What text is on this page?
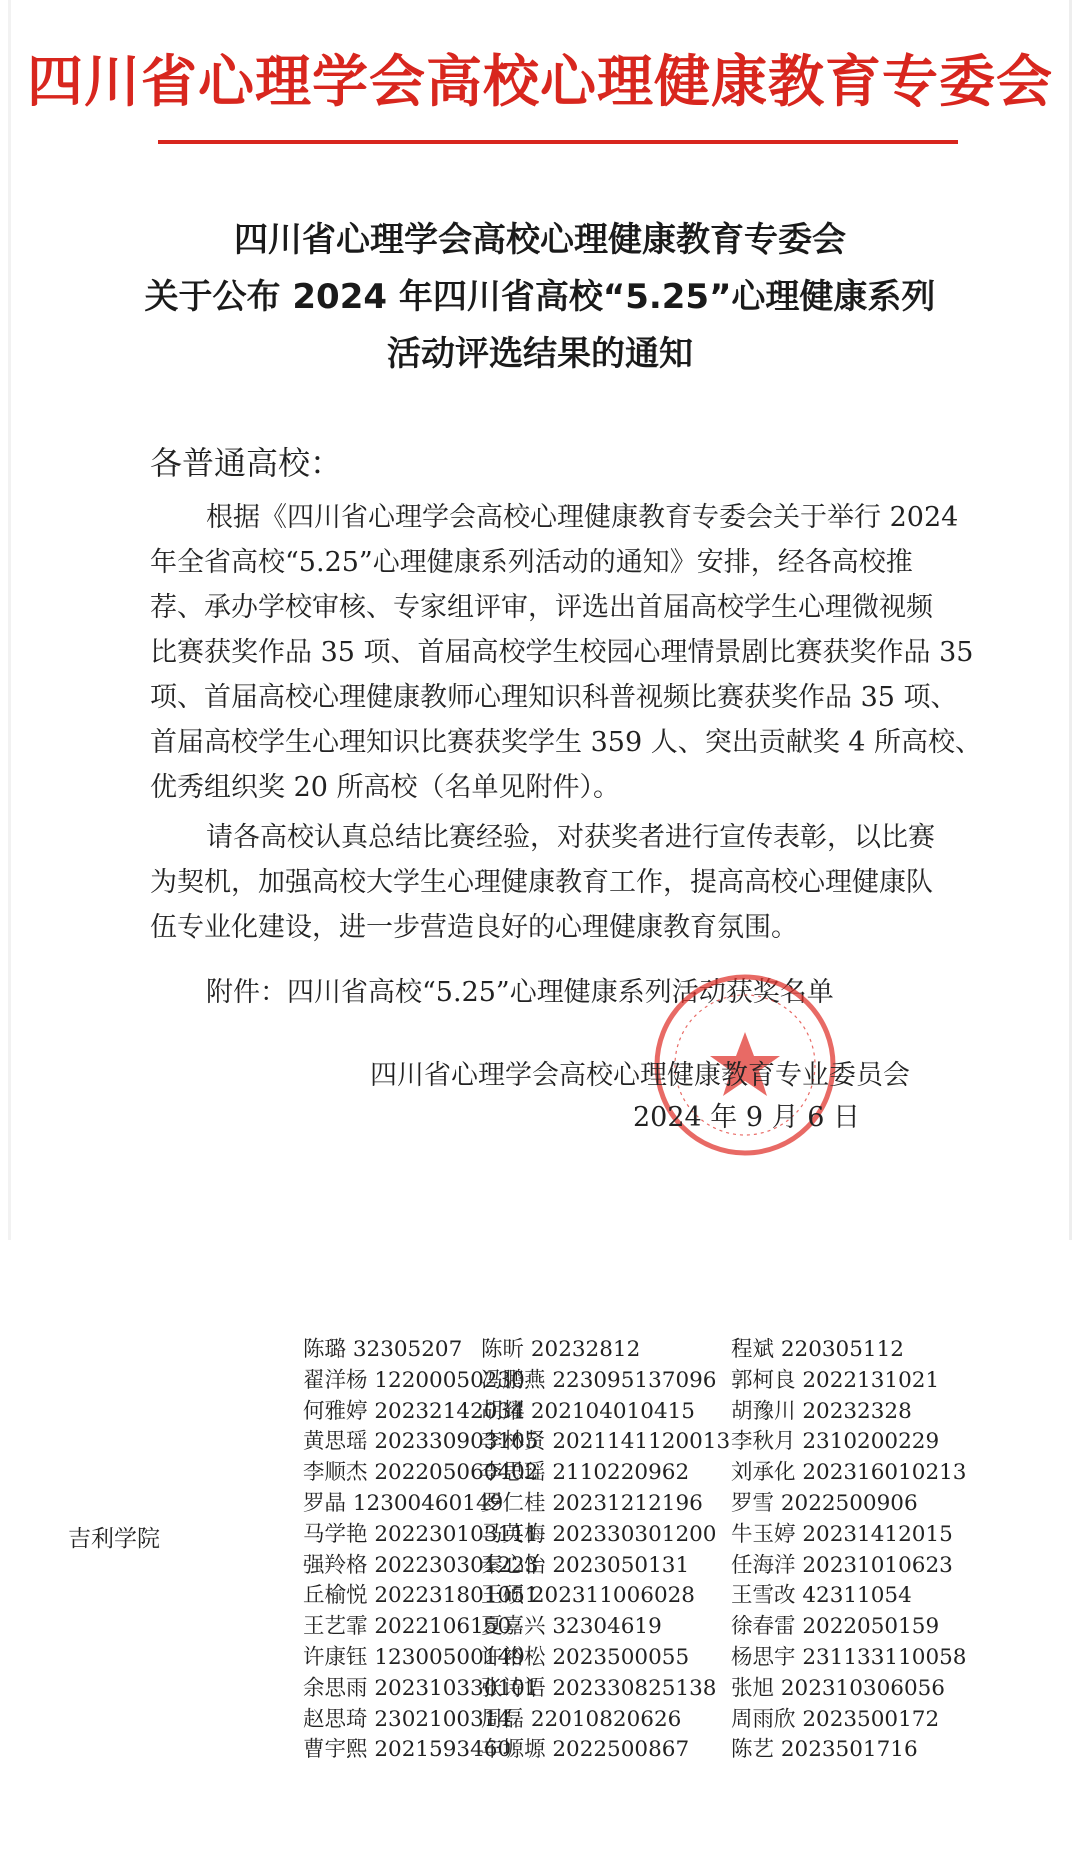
四川省心理学会高校心理健康教育专委会
四川省心理学会高校心理健康教育专委会
关于公布 2024 年四川省高校“5.25”心理健康系列
活动评选结果的通知
各普通高校：
根据《四川省心理学会高校心理健康教育专委会关于举行 2024
年全省高校“5.25”心理健康系列活动的通知》安排，经各高校推
荐、承办学校审核、专家组评审，评选出首届高校学生心理微视频
比赛获奖作品 35 项、首届高校学生校园心理情景剧比赛获奖作品 35
项、首届高校心理健康教师心理知识科普视频比赛获奖作品 35 项、
首届高校学生心理知识比赛获奖学生 359 人、突出贡献奖 4 所高校、
优秀组织奖 20 所高校（名单见附件）。
请各高校认真总结比赛经验，对获奖者进行宣传表彰，以比赛
为契机，加强高校大学生心理健康教育工作，提高高校心理健康队
伍专业化建设，进一步营造良好的心理健康教育氛围。
附件：四川省高校“5.25”心理健康系列活动获奖名单
四川省心理学会高校心理健康教育专业委员会
2024 年 9 月 6 日
吉利学院
陈璐 32305207 陈昕 20232812	程斌 220305112
翟洋杨 12200050230冯鹏燕 223095137096 郭柯良 2022131021
何雅婷 20232142034胡耀 202104010415 胡豫川 20232328
黄思瑶 202330903105李林贤 2021141120013李秋月 2310200229
李顺杰 202205060402李思瑶 2110220962 刘承化 202316010213
罗晶 12300460149罗仁桂 20231212196 罗雪 2022500906
马学艳 202230103111马英梅 202330301200 牛玉婷 20231412015
强羚格 202230301223秦心怡 2023050131 任海洋 20231010623
丘榆悦 202231801051王硕 202311006028 王雪改 42311054
王艺霏 2022106150夏嘉兴 32304619	徐春雷 2022050159
许康钰 12300500149许裕松 2023500055 杨思宇 231133110058
余思雨 202310330101张诗语 202330825138 张旭 202310306056
赵思琦 2302100314周磊 22010820626 周雨欣 2023500172
曹宇熙 2021593460车塬塬 2022500867 陈艺 2023501716
